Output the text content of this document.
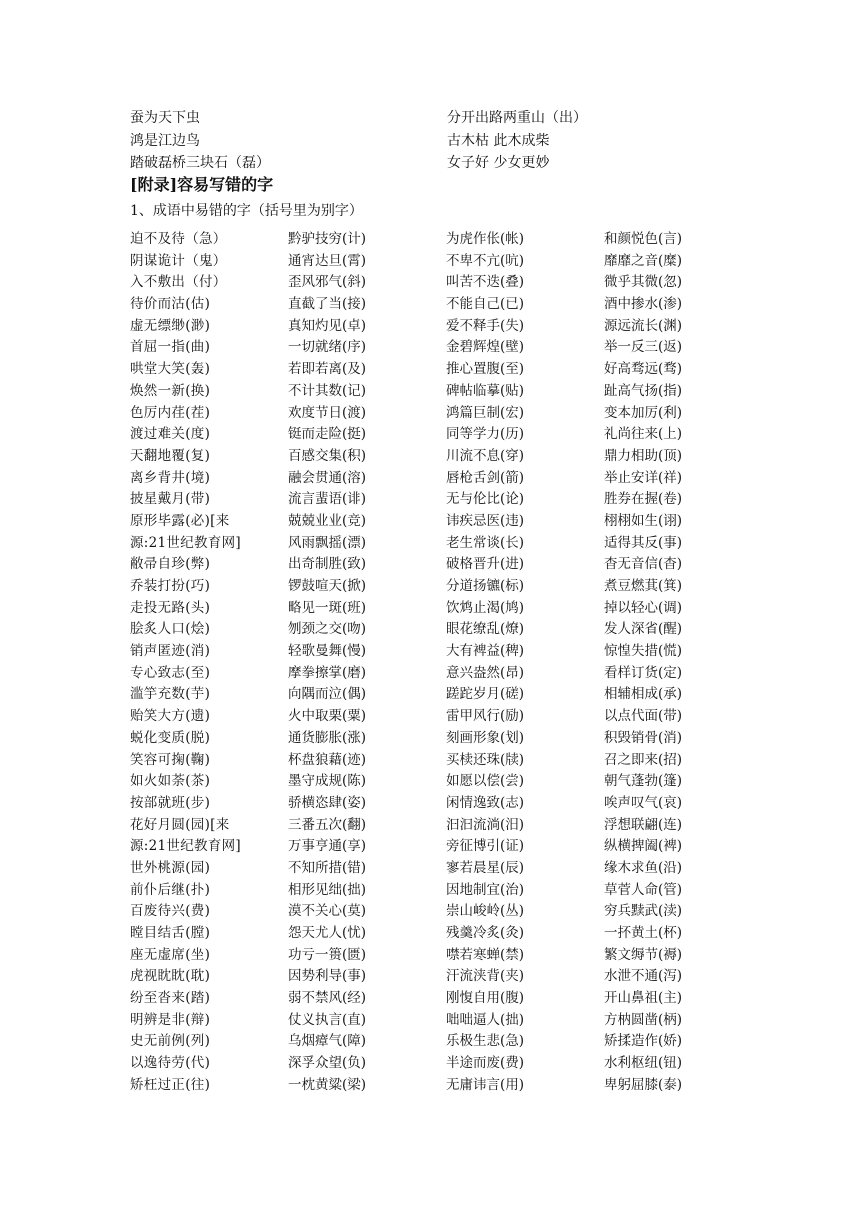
蚕为天下虫	分开出路两重山（出）
鸿是江边鸟	古木枯 此木成柴
踏破磊桥三块石（磊）	女子好 少女更妙
[附录]容易写错的字
1、成语中易错的字（括号里为别字）
迫不及待（急）	黔驴技穷(计)	为虎作伥(帐)	和颜悦色(言)
阴谋诡计（鬼）	通宵达旦(霄)	不卑不亢(吭)	靡靡之音(糜)
入不敷出（付）	歪风邪气(斜)	叫苦不迭(叠)	微乎其微(忽)
待价而沽(估)	直截了当(接)	不能自己(已)	酒中掺水(渗)
虚无缥缈(渺)	真知灼见(卓)	爱不释手(失)	源远流长(渊)
首屈一指(曲)	一切就绪(序)	金碧辉煌(壁)	举一反三(返)
哄堂大笑(轰)	若即若离(及)	推心置腹(至)	好高骛远(骛)
焕然一新(换)	不计其数(记)	碑帖临摹(贴)	趾高气扬(指)
色厉内荏(茬)	欢度节日(渡)	鸿篇巨制(宏)	变本加厉(利)
渡过难关(度)	铤而走险(挺)	同等学力(历)	礼尚往来(上)
天翻地覆(复)	百感交集(积)	川流不息(穿)	鼎力相助(顶)
离乡背井(境)	融会贯通(溶)	唇枪舌剑(箭)	举止安详(祥)
披星戴月(带)	流言蜚语(诽)	无与伦比(论)	胜券在握(卷)
原形毕露(必)[来	兢兢业业(竞)	讳疾忌医(违)	栩栩如生(诩)
源:21世纪教育网]	风雨飘摇(漂)	老生常谈(长)	适得其反(事)
敝帚自珍(弊)	出奇制胜(致)	破格晋升(进)	杳无音信(杳)
乔装打扮(巧)	锣鼓喧天(掀)	分道扬镳(标)	煮豆燃萁(箕)
走投无路(头)	略见一斑(班)	饮鸩止渴(鸠)	掉以轻心(调)
脍炙人口(烩)	刎颈之交(吻)	眼花缭乱(燎)	发人深省(醒)
销声匿迹(消)	轻歌曼舞(慢)	大有裨益(稗)	惊惶失措(慌)
专心致志(至)	摩拳擦掌(磨)	意兴盎然(昂)	看样订货(定)
滥竽充数(芋)	向隅而泣(偶)	蹉跎岁月(磋)	相辅相成(承)
贻笑大方(遗)	火中取栗(粟)	雷甲风行(励)	以点代面(带)
蜕化变质(脱)	通货膨胀(涨)	刻画形象(划)	积毁销骨(消)
笑容可掬(鞠)	杯盘狼藉(迹)	买椟还珠(牍)	召之即来(招)
如火如荼(茶)	墨守成规(陈)	如愿以偿(尝)	朝气蓬勃(篷)
按部就班(步)	骄横恣肆(姿)	闲情逸致(志)	唉声叹气(哀)
花好月圆(园)[来	三番五次(翻)	汩汩流淌(汨)	浮想联翩(连)
源:21世纪教育网]	万事亨通(享)	旁征博引(证)	纵横捭阖(裨)
世外桃源(园)	不知所措(错)	寥若晨星(辰)	缘木求鱼(沿)
前仆后继(扑)	相形见绌(拙)	因地制宜(治)	草菅人命(管)
百废待兴(费)	漠不关心(莫)	崇山峻岭(丛)	穷兵黩武(渎)
瞠目结舌(膛)	怨天尤人(忧)	残羹冷炙(灸)	一抔黄土(杯)
座无虚席(坐)	功亏一篑(匮)	噤若寒蝉(禁)	繁文缛节(褥)
虎视眈眈(耽)	因势利导(事)	汗流浃背(夹)	水泄不通(泻)
纷至沓来(踏)	弱不禁风(经)	刚愎自用(腹)	开山鼻祖(主)
明辨是非(辩)	仗义执言(直)	咄咄逼人(拙)	方枘圆凿(柄)
史无前例(列)	乌烟瘴气(障)	乐极生悲(急)	矫揉造作(娇)
以逸待劳(代)	深孚众望(负)	半途而废(费)	水利枢纽(钮)
矫枉过正(往)	一枕黄粱(梁)	无庸讳言(用)	卑躬屈膝(泰)
